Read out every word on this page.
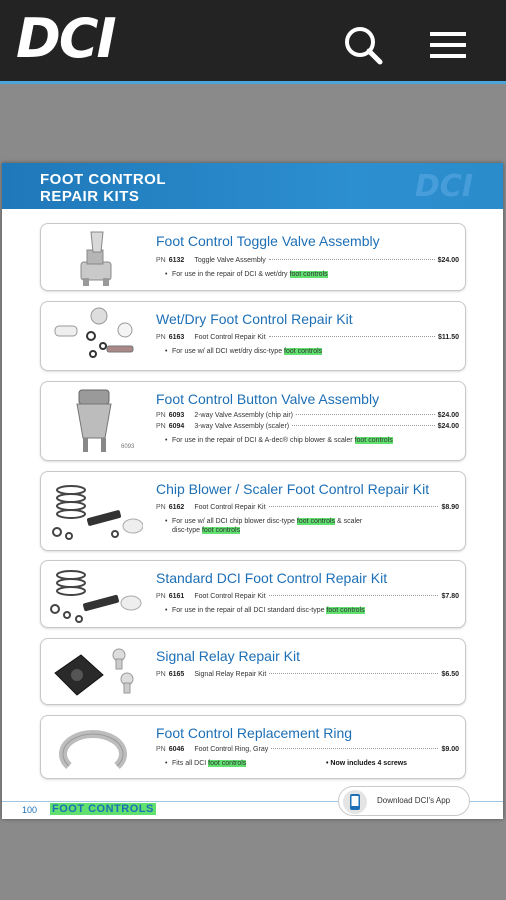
DCI
FOOT CONTROL
REPAIR KITS	DCI
Foot Control Toggle Valve Assembly
PN 6132 Toggle Valve Assembly	$24.00
• For use in the repair of DCI & wet/dry foot controls
Wet/Dry Foot Control Repair Kit
PN 6163 Foot Control Repair Kit	$11.50
• For use w/ all DCI wet/dry disc-type foot controls
6093
Foot Control Button Valve Assembly
PN 6093 2-way Valve Assembly (chip air)	$24.00
PN 6094 3-way Valve Assembly (scaler)	$24.00
• For use in the repair of DCI & A-dec® chip blower & scaler foot controls
Chip Blower / Scaler Foot Control Repair Kit
PN 6162 Foot Control Repair Kit	$8.90
• For use w/ all DCI chip blower disc-type foot controls & scaler
disc-type foot controls
Standard DCI Foot Control Repair Kit
PN 6161 Foot Control Repair Kit	$7.80
• For use in the repair of all DCI standard disc-type foot controls
Signal Relay Repair Kit
PN 6165 Signal Relay Repair Kit	$6.50
Foot Control Replacement Ring
PN 6046 Foot Control Ring, Gray	$9.00
• Fits all DCI foot controls	• Now includes 4 screws
100 FOOT CONTROLS
Download DCI's App
